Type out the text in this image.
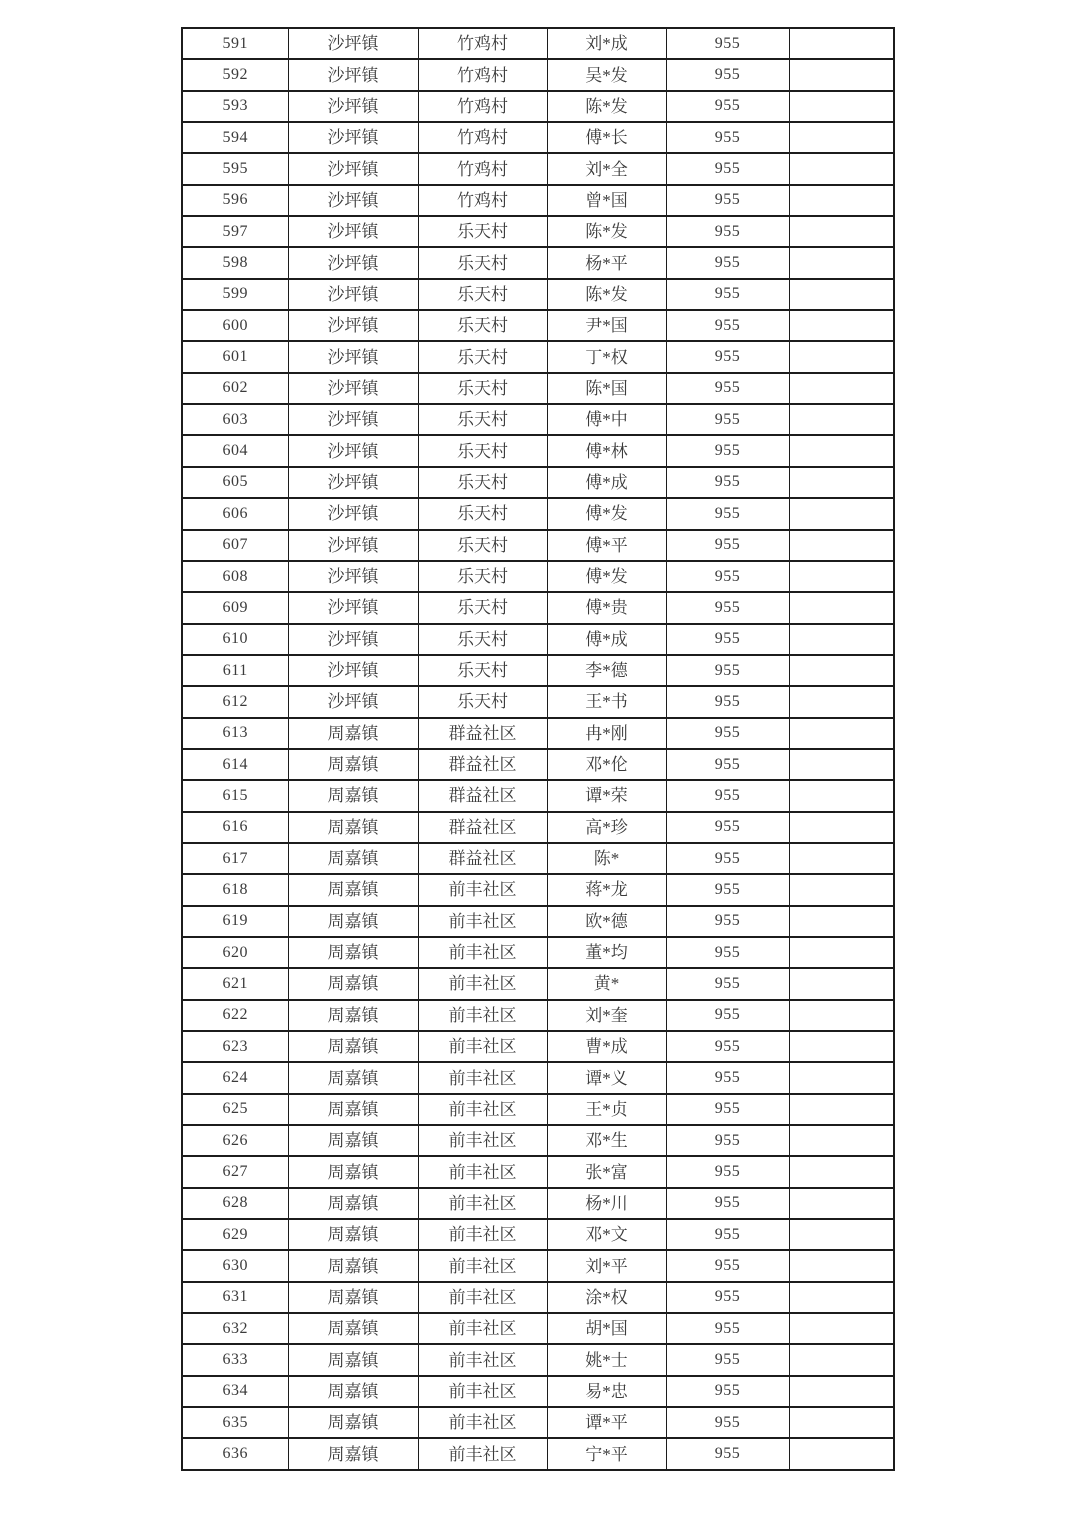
591	沙坪镇	竹鸡村	刘*成	955	
592	沙坪镇	竹鸡村	吴*发	955	
593	沙坪镇	竹鸡村	陈*发	955	
594	沙坪镇	竹鸡村	傅*长	955	
595	沙坪镇	竹鸡村	刘*全	955	
596	沙坪镇	竹鸡村	曾*国	955	
597	沙坪镇	乐天村	陈*发	955	
598	沙坪镇	乐天村	杨*平	955	
599	沙坪镇	乐天村	陈*发	955	
600	沙坪镇	乐天村	尹*国	955	
601	沙坪镇	乐天村	丁*权	955	
602	沙坪镇	乐天村	陈*国	955	
603	沙坪镇	乐天村	傅*中	955	
604	沙坪镇	乐天村	傅*林	955	
605	沙坪镇	乐天村	傅*成	955	
606	沙坪镇	乐天村	傅*发	955	
607	沙坪镇	乐天村	傅*平	955	
608	沙坪镇	乐天村	傅*发	955	
609	沙坪镇	乐天村	傅*贵	955	
610	沙坪镇	乐天村	傅*成	955	
611	沙坪镇	乐天村	李*德	955	
612	沙坪镇	乐天村	王*书	955	
613	周嘉镇	群益社区	冉*刚	955	
614	周嘉镇	群益社区	邓*伦	955	
615	周嘉镇	群益社区	谭*荣	955	
616	周嘉镇	群益社区	高*珍	955	
617	周嘉镇	群益社区	陈*	955	
618	周嘉镇	前丰社区	蒋*龙	955	
619	周嘉镇	前丰社区	欧*德	955	
620	周嘉镇	前丰社区	董*均	955	
621	周嘉镇	前丰社区	黄*	955	
622	周嘉镇	前丰社区	刘*奎	955	
623	周嘉镇	前丰社区	曹*成	955	
624	周嘉镇	前丰社区	谭*义	955	
625	周嘉镇	前丰社区	王*贞	955	
626	周嘉镇	前丰社区	邓*生	955	
627	周嘉镇	前丰社区	张*富	955	
628	周嘉镇	前丰社区	杨*川	955	
629	周嘉镇	前丰社区	邓*文	955	
630	周嘉镇	前丰社区	刘*平	955	
631	周嘉镇	前丰社区	涂*权	955	
632	周嘉镇	前丰社区	胡*国	955	
633	周嘉镇	前丰社区	姚*士	955	
634	周嘉镇	前丰社区	易*忠	955	
635	周嘉镇	前丰社区	谭*平	955	
636	周嘉镇	前丰社区	宁*平	955	
